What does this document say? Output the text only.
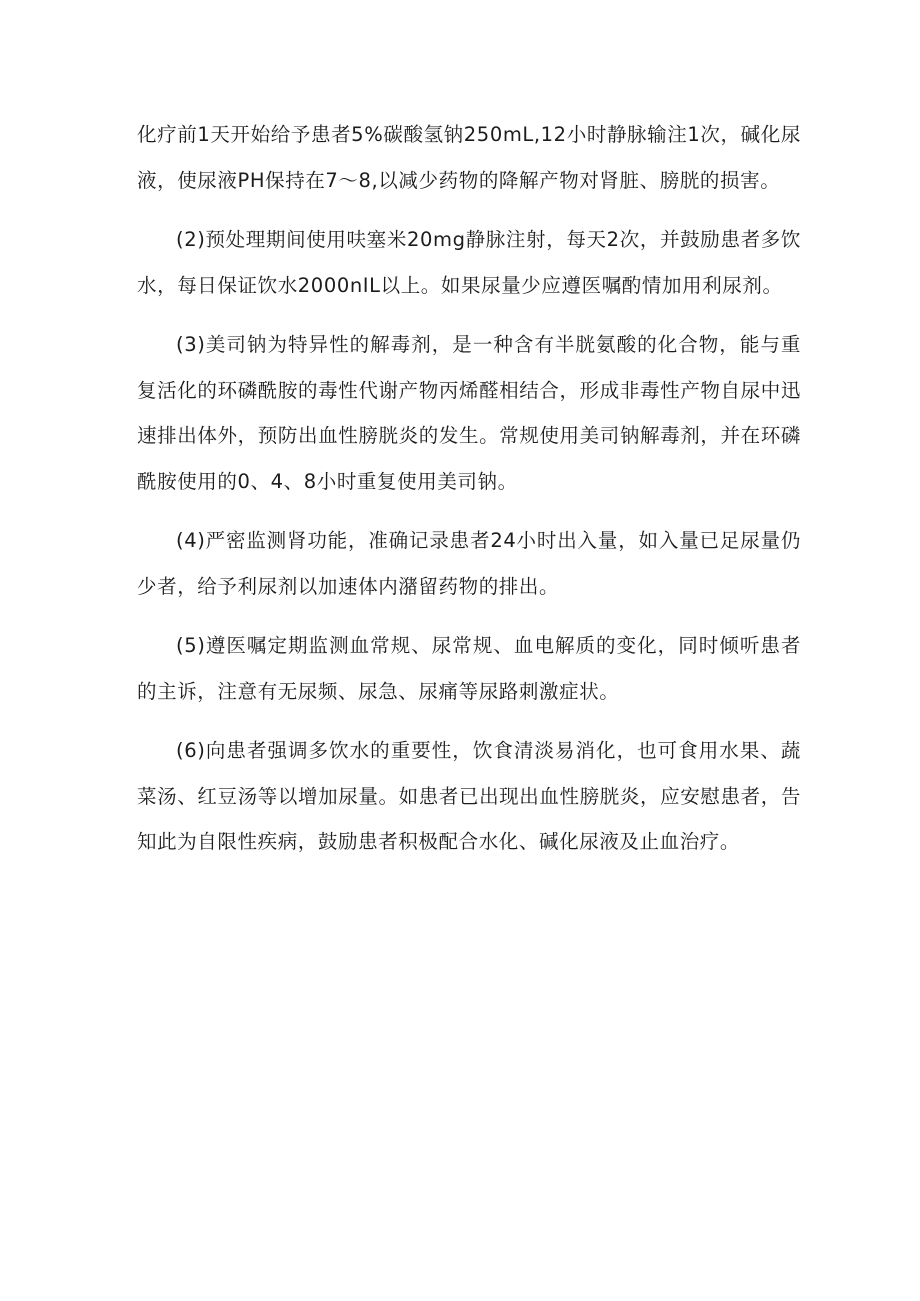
化疗前1天开始给予患者5%碳酸氢钠250mL,12小时静脉输注1次，碱化尿液，使尿液PH保持在7～8,以减少药物的降解产物对肾脏、膀胱的损害。

(2)预处理期间使用呋塞米20mg静脉注射，每天2次，并鼓励患者多饮水，每日保证饮水2000nIL以上。如果尿量少应遵医嘱酌情加用利尿剂。

(3)美司钠为特异性的解毒剂，是一种含有半胱氨酸的化合物，能与重复活化的环磷酰胺的毒性代谢产物丙烯醛相结合，形成非毒性产物自尿中迅速排出体外，预防出血性膀胱炎的发生。常规使用美司钠解毒剂，并在环磷酰胺使用的0、4、8小时重复使用美司钠。

(4)严密监测肾功能，准确记录患者24小时出入量，如入量已足尿量仍少者，给予利尿剂以加速体内潴留药物的排出。

(5)遵医嘱定期监测血常规、尿常规、血电解质的变化，同时倾听患者的主诉，注意有无尿频、尿急、尿痛等尿路刺激症状。

(6)向患者强调多饮水的重要性，饮食清淡易消化，也可食用水果、蔬菜汤、红豆汤等以增加尿量。如患者已出现出血性膀胱炎，应安慰患者，告知此为自限性疾病，鼓励患者积极配合水化、碱化尿液及止血治疗。
